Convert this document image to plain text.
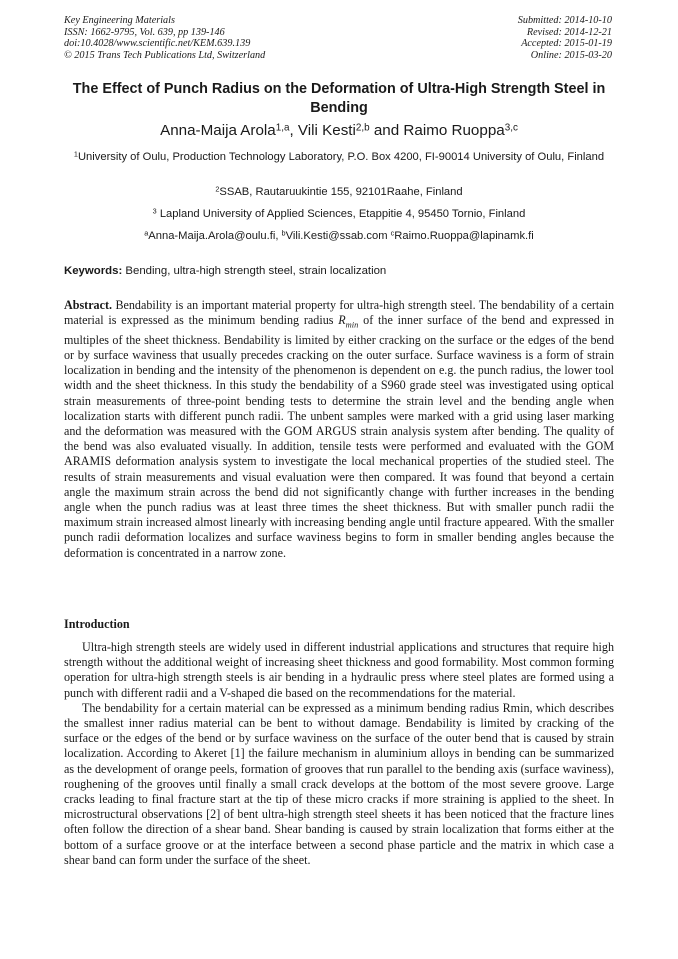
Key Engineering Materials
ISSN: 1662-9795, Vol. 639, pp 139-146
doi:10.4028/www.scientific.net/KEM.639.139
© 2015 Trans Tech Publications Ltd, Switzerland
Submitted: 2014-10-10
Revised: 2014-12-21
Accepted: 2015-01-19
Online: 2015-03-20
The Effect of Punch Radius on the Deformation of Ultra-High Strength Steel in Bending
Anna-Maija Arola$^{1,a}$, Vili Kesti$^{2,b}$ and Raimo Ruoppa$^{3,c}$
$^1$University of Oulu, Production Technology Laboratory, P.O. Box 4200, FI-90014 University of Oulu, Finland
$^2$SSAB, Rautaruukintie 155, 92101Raahe, Finland
$^3$ Lapland University of Applied Sciences, Etappitie 4, 95450 Tornio, Finland
$^a$Anna-Maija.Arola@oulu.fi, $^b$Vili.Kesti@ssab.com $^c$Raimo.Ruoppa@lapinamk.fi
Keywords: Bending, ultra-high strength steel, strain localization

Abstract. Bendability is an important material property for ultra-high strength steel. The bendability of a certain material is expressed as the minimum bending radius $R_{min}$ of the inner surface of the bend and expressed in multiples of the sheet thickness. Bendability is limited by either cracking on the surface or the edges of the bend or by surface waviness that usually precedes cracking on the outer surface. Surface waviness is a form of strain localization in bending and the intensity of the phenomenon is dependent on e.g. the punch radius, the lower tool width and the sheet thickness. In this study the bendability of a S960 grade steel was investigated using optical strain measurements of three-point bending tests to determine the strain level and the bending angle when localization starts with different punch radii. The unbent samples were marked with a grid using laser marking and the deformation was measured with the GOM ARGUS strain analysis system after bending. The quality of the bend was also evaluated visually. In addition, tensile tests were performed and evaluated with the GOM ARAMIS deformation analysis system to investigate the local mechanical properties of the studied steel. The results of strain measurements and visual evaluation were then compared. It was found that beyond a certain angle the maximum strain across the bend did not significantly change with further increases in the bending angle when the punch radius was at least three times the sheet thickness. But with smaller punch radii the maximum strain increased almost linearly with increasing bending angle until fracture appeared. With the smaller punch radii deformation localizes and surface waviness begins to form in smaller bending angles because the deformation is concentrated in a narrow zone.

Introduction

Ultra-high strength steels are widely used in different industrial applications and structures that require high strength without the additional weight of increasing sheet thickness and good formability. Most common forming operation for ultra-high strength steels is air bending in a hydraulic press where steel plates are formed using a punch with different radii and a V-shaped die based on the recommendations for the material.

The bendability for a certain material can be expressed as a minimum bending radius Rmin, which describes the smallest inner radius material can be bent to without damage. Bendability is limited by cracking of the surface or the edges of the bend or by surface waviness on the surface of the outer bend that is caused by strain localization. According to Akeret [1] the failure mechanism in aluminium alloys in bending can be summarized as the development of orange peels, formation of grooves that run parallel to the bending axis (surface waviness), roughening of the grooves until finally a small crack develops at the bottom of the most severe groove. Large cracks leading to final fracture start at the tip of these micro cracks if more straining is applied to the sheet. In microstructural observations [2] of bent ultra-high strength steel sheets it has been noticed that the fracture lines often follow the direction of a shear band. Shear banding is caused by strain localization that forms either at the bottom of a surface groove or at the interface between a second phase particle and the matrix in which case a shear band can form under the surface of the sheet.
